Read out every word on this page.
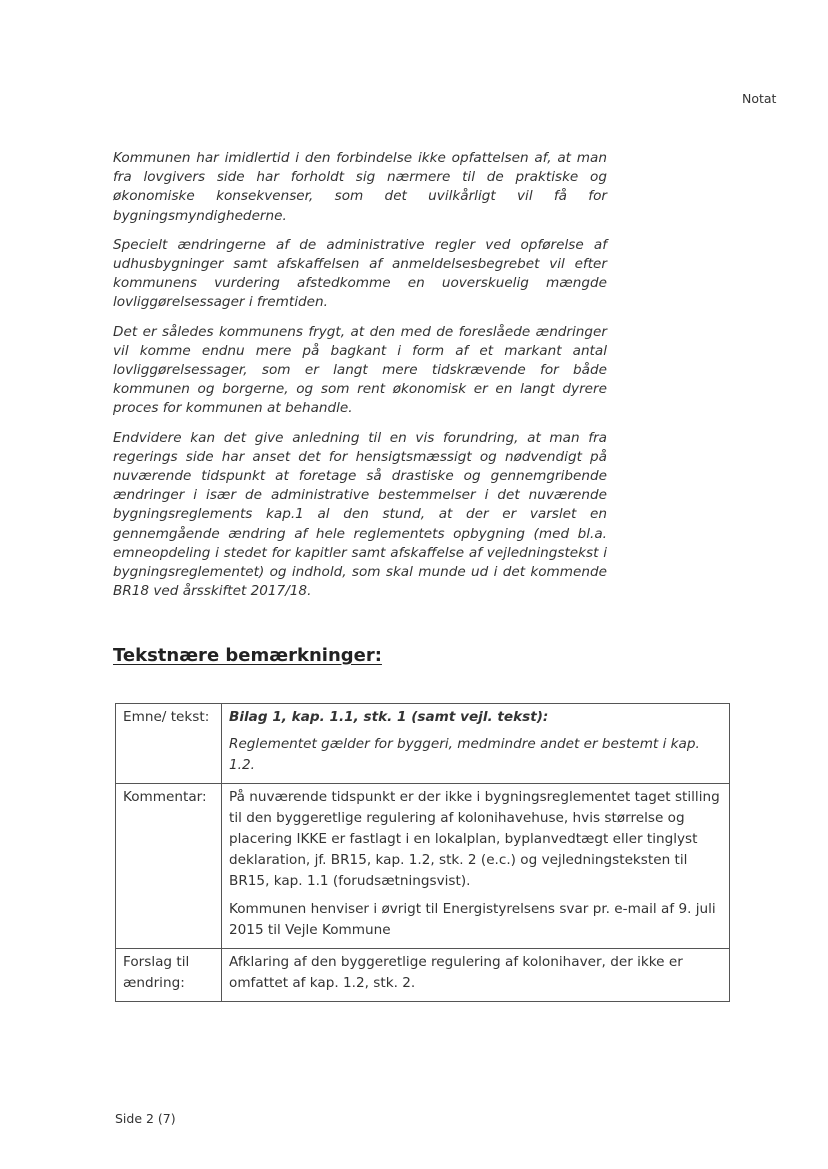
Notat

Kommunen har imidlertid i den forbindelse ikke opfattelsen af, at man fra lovgivers side har forholdt sig nærmere til de praktiske og økonomiske konsekvenser, som det uvilkårligt vil få for bygningsmyndighederne.

Specielt ændringerne af de administrative regler ved opførelse af udhusbygninger samt afskaffelsen af anmeldelsesbegrebet vil efter kommunens vurdering afstedkomme en uoverskuelig mængde lovliggørelsessager i fremtiden.

Det er således kommunens frygt, at den med de foreslåede ændringer vil komme endnu mere på bagkant i form af et markant antal lovliggørelsessager, som er langt mere tidskrævende for både kommunen og borgerne, og som rent økonomisk er en langt dyrere proces for kommunen at behandle.

Endvidere kan det give anledning til en vis forundring, at man fra regerings side har anset det for hensigtsmæssigt og nødvendigt på nuværende tidspunkt at foretage så drastiske og gennemgribende ændringer i især de administrative bestemmelser i det nuværende bygningsreglements kap.1 al den stund, at der er varslet en gennemgående ændring af hele reglementets opbygning (med bl.a. emneopdeling i stedet for kapitler samt afskaffelse af vejledningstekst i bygningsreglementet) og indhold, som skal munde ud i det kommende BR18 ved årsskiftet 2017/18.

Tekstnære bemærkninger:
Emne/ tekst:	Bilag 1, kap. 1.1, stk. 1 (samt vejl. tekst):

Reglementet gælder for byggeri, medmindre andet er bestemt i kap. 1.2.

Kommentar:	På nuværende tidspunkt er der ikke i bygningsreglementet taget stilling til den byggeretlige regulering af kolonihavehuse, hvis størrelse og placering IKKE er fastlagt i en lokalplan, byplanvedtægt eller tinglyst deklaration, jf. BR15, kap. 1.2, stk. 2 (e.c.) og vejledningsteksten til BR15, kap. 1.1 (forudsætningsvist).

Kommunen henviser i øvrigt til Energistyrelsens svar pr. e-mail af 9. juli 2015 til Vejle Kommune

Forslag til ændring:	Afklaring af den byggeretlige regulering af kolonihaver, der ikke er omfattet af kap. 1.2, stk. 2.

Side 2 (7)
